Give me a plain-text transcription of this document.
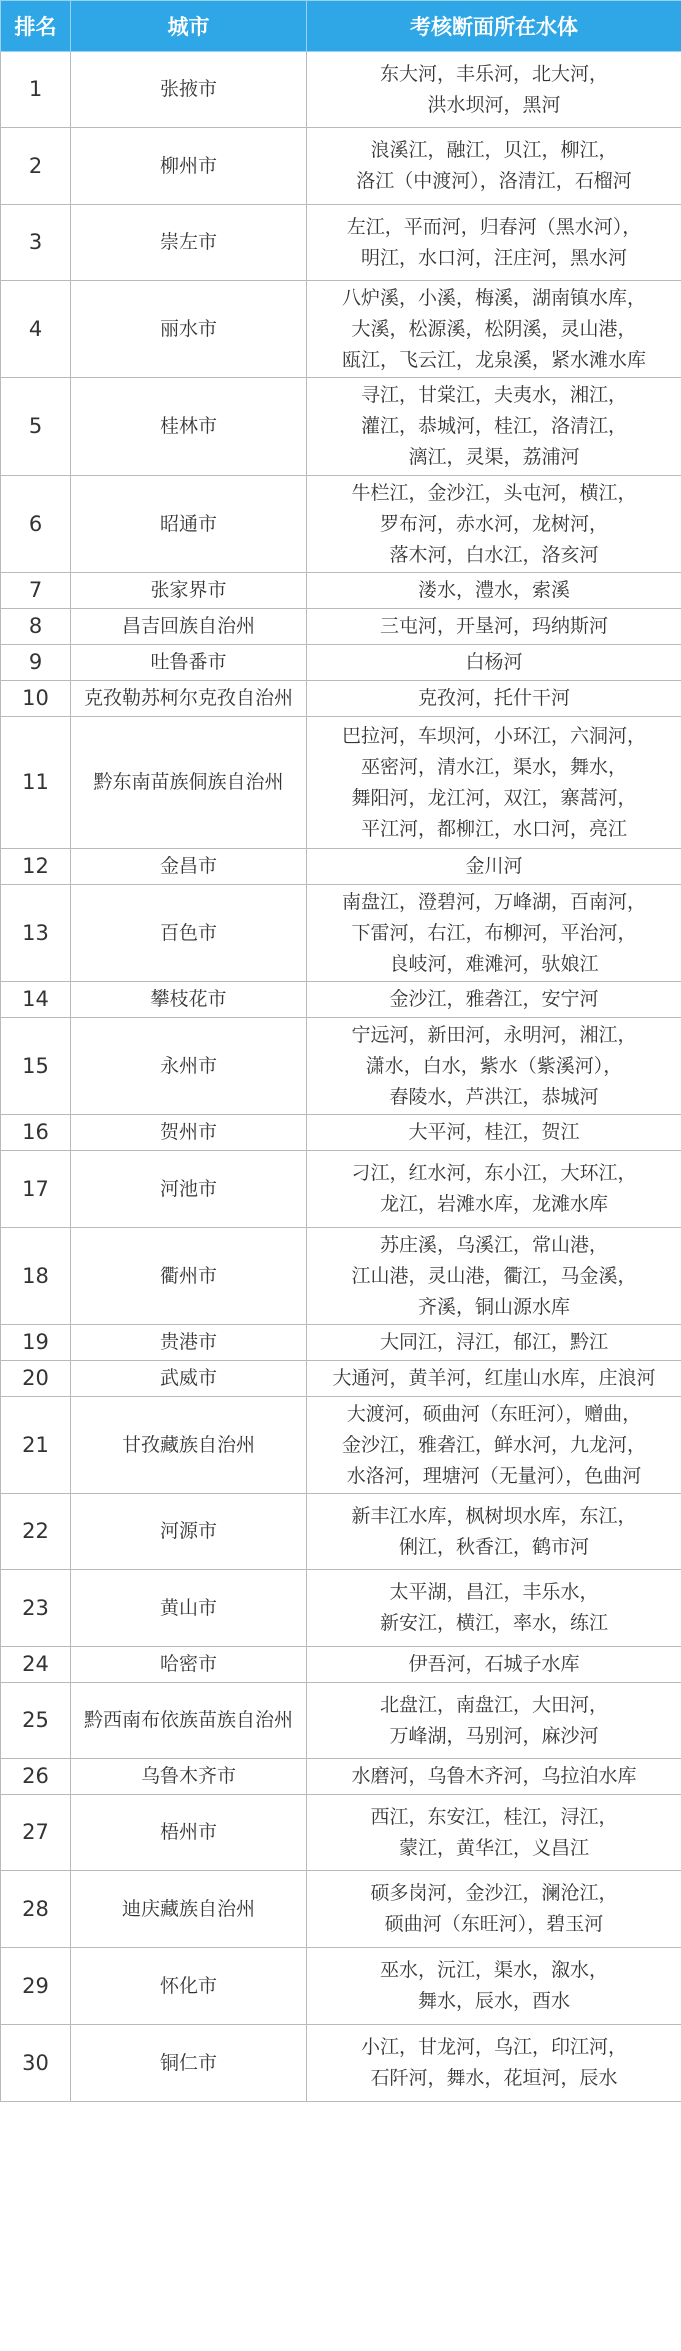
排名	城市	考核断面所在水体
1	张掖市	东大河，丰乐河，北大河，
洪水坝河，黑河

2	柳州市	浪溪江，融江，贝江，柳江，
洛江（中渡河），洛清江，石榴河

3	崇左市	左江，平而河，归春河（黑水河），
明江，水口河，汪庄河，黑水河

4	丽水市	八炉溪，小溪，梅溪，湖南镇水库，
大溪，松源溪，松阴溪，灵山港，
瓯江，飞云江，龙泉溪，紧水滩水库

5	桂林市	寻江，甘棠江，夫夷水，湘江，
灌江，恭城河，桂江，洛清江，
漓江，灵渠，荔浦河

6	昭通市	牛栏江，金沙江，头屯河，横江，
罗布河，赤水河，龙树河，
落木河，白水江，洛亥河

7	张家界市	溇水，澧水，索溪

8	昌吉回族自治州	三屯河，开垦河，玛纳斯河

9	吐鲁番市	白杨河

10	克孜勒苏柯尔克孜自治州	克孜河，托什干河

11	黔东南苗族侗族自治州	巴拉河，车坝河，小环江，六洞河，
巫密河，清水江，渠水，舞水，
舞阳河，龙江河，双江，寨蒿河，
平江河，都柳江，水口河，亮江

12	金昌市	金川河

13	百色市	南盘江，澄碧河，万峰湖，百南河，
下雷河，右江，布柳河，平治河，
良岐河，难滩河，驮娘江

14	攀枝花市	金沙江，雅砻江，安宁河

15	永州市	宁远河，新田河，永明河，湘江，
潇水，白水，紫水（紫溪河），
舂陵水，芦洪江，恭城河

16	贺州市	大平河，桂江，贺江

17	河池市	刁江，红水河，东小江，大环江，
龙江，岩滩水库，龙滩水库

18	衢州市	苏庄溪，乌溪江，常山港，
江山港，灵山港，衢江，马金溪，
齐溪，铜山源水库

19	贵港市	大同江，浔江，郁江，黔江

20	武威市	大通河，黄羊河，红崖山水库，庄浪河

21	甘孜藏族自治州	大渡河，硕曲河（东旺河），赠曲，
金沙江，雅砻江，鲜水河，九龙河，
水洛河，理塘河（无量河），色曲河

22	河源市	新丰江水库，枫树坝水库，东江，
俐江，秋香江，鹤市河

23	黄山市	太平湖，昌江，丰乐水，
新安江，横江，率水，练江

24	哈密市	伊吾河，石城子水库

25	黔西南布依族苗族自治州	北盘江，南盘江，大田河，
万峰湖，马别河，麻沙河

26	乌鲁木齐市	水磨河，乌鲁木齐河，乌拉泊水库

27	梧州市	西江，东安江，桂江，浔江，
蒙江，黄华江，义昌江

28	迪庆藏族自治州	硕多岗河，金沙江，澜沧江，
硕曲河（东旺河），碧玉河

29	怀化市	巫水，沅江，渠水，溆水，
舞水，辰水，酉水

30	铜仁市	小江，甘龙河，乌江，印江河，
石阡河，舞水，花垣河，辰水
